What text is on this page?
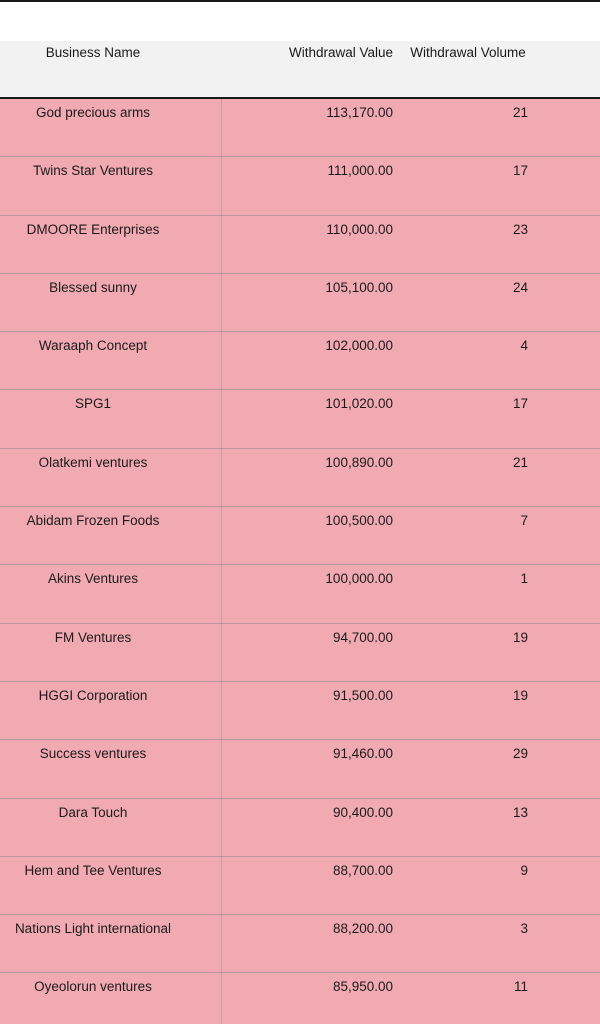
Business Name	Withdrawal Value	Withdrawal Volume
God precious arms	113,170.00	21
Twins Star Ventures	111,000.00	17
DMOORE Enterprises	110,000.00	23
Blessed sunny	105,100.00	24
Waraaph Concept	102,000.00	4
SPG1	101,020.00	17
Olatkemi ventures	100,890.00	21
Abidam Frozen Foods	100,500.00	7
Akins Ventures	100,000.00	1
FM Ventures	94,700.00	19
HGGI Corporation	91,500.00	19
Success ventures	91,460.00	29
Dara Touch	90,400.00	13
Hem and Tee Ventures	88,700.00	9
Nations Light international	88,200.00	3
Oyeolorun ventures	85,950.00	11
